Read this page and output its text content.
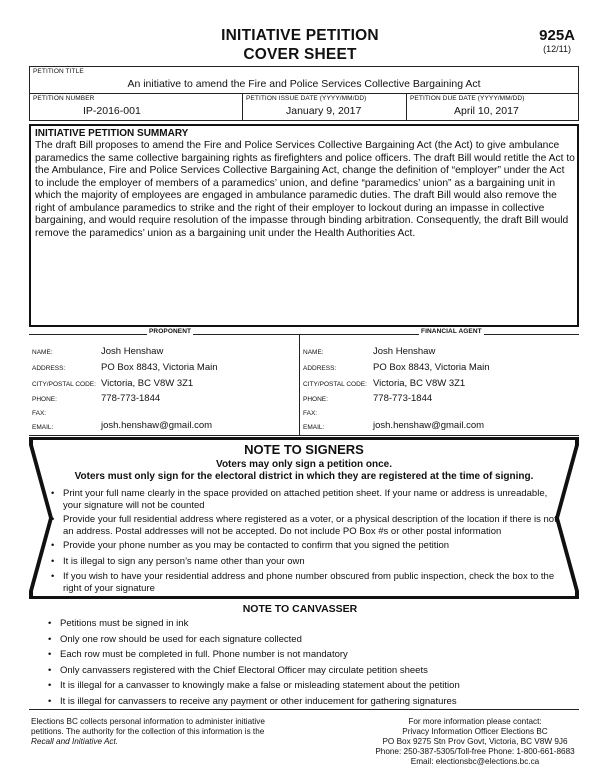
INITIATIVE PETITION
COVER SHEET
925A
(12/11)
PETITION TITLE
An initiative to amend the Fire and Police Services Collective Bargaining Act
PETITION NUMBER
IP-2016-001
PETITION ISSUE DATE (YYYY/MM/DD)
January 9, 2017
PETITION DUE DATE (YYYY/MM/DD)
April 10, 2017
INITIATIVE PETITION SUMMARY
The draft Bill proposes to amend the Fire and Police Services Collective Bargaining Act (the Act) to give ambulance paramedics the same collective bargaining rights as firefighters and police officers. The draft Bill would retitle the Act to the Ambulance, Fire and Police Services Collective Bargaining Act, change the definition of “employer” under the Act to include the employer of members of a paramedics’ union, and define “paramedics’ union” as a bargaining unit in which the majority of employees are engaged in ambulance paramedic duties. The draft Bill would also remove the right of ambulance paramedics to strike and the right of their employer to lockout during an impasse in collective bargaining, and would require resolution of the impasse through binding arbitration. Consequently, the draft Bill would remove the paramedics’ union as a bargaining unit under the Health Authorities Act.
PROPONENT	FINANCIAL AGENT
NAME:	Josh Henshaw
ADDRESS:	PO Box 8843, Victoria Main
CITY/POSTAL CODE: Victoria, BC V8W 3Z1
PHONE:	778-773-1844
FAX:
EMAIL:	josh.henshaw@gmail.com
NAME:	Josh Henshaw
ADDRESS:	PO Box 8843, Victoria Main
CITY/POSTAL CODE: Victoria, BC V8W 3Z1
PHONE:	778-773-1844
FAX:
EMAIL:	josh.henshaw@gmail.com
NOTE TO SIGNERS
Voters may only sign a petition once.
Voters must only sign for the electoral district in which they are registered at the time of signing.
• Print your full name clearly in the space provided on attached petition sheet. If your name or address is unreadable, your signature will not be counted
• Provide your full residential address where registered as a voter, or a physical description of the location if there is not an address. Postal addresses will not be accepted. Do not include PO Box #s or other postal information
• Provide your phone number as you may be contacted to confirm that you signed the petition
• It is illegal to sign any person’s name other than your own
• If you wish to have your residential address and phone number obscured from public inspection, check the box to the right of your signature
NOTE TO CANVASSER
• Petitions must be signed in ink
• Only one row should be used for each signature collected
• Each row must be completed in full. Phone number is not mandatory
• Only canvassers registered with the Chief Electoral Officer may circulate petition sheets
• It is illegal for a canvasser to knowingly make a false or misleading statement about the petition
• It is illegal for canvassers to receive any payment or other inducement for gathering signatures
Elections BC collects personal information to administer initiative
petitions. The authority for the collection of this information is the
Recall and Initiative Act.
For more information please contact:
Privacy Information Officer Elections BC
PO Box 9275 Stn Prov Govt, Victoria, BC V8W 9J6
Phone: 250-387-5305/Toll-free Phone: 1-800-661-8683
Email: electionsbc@elections.bc.ca
